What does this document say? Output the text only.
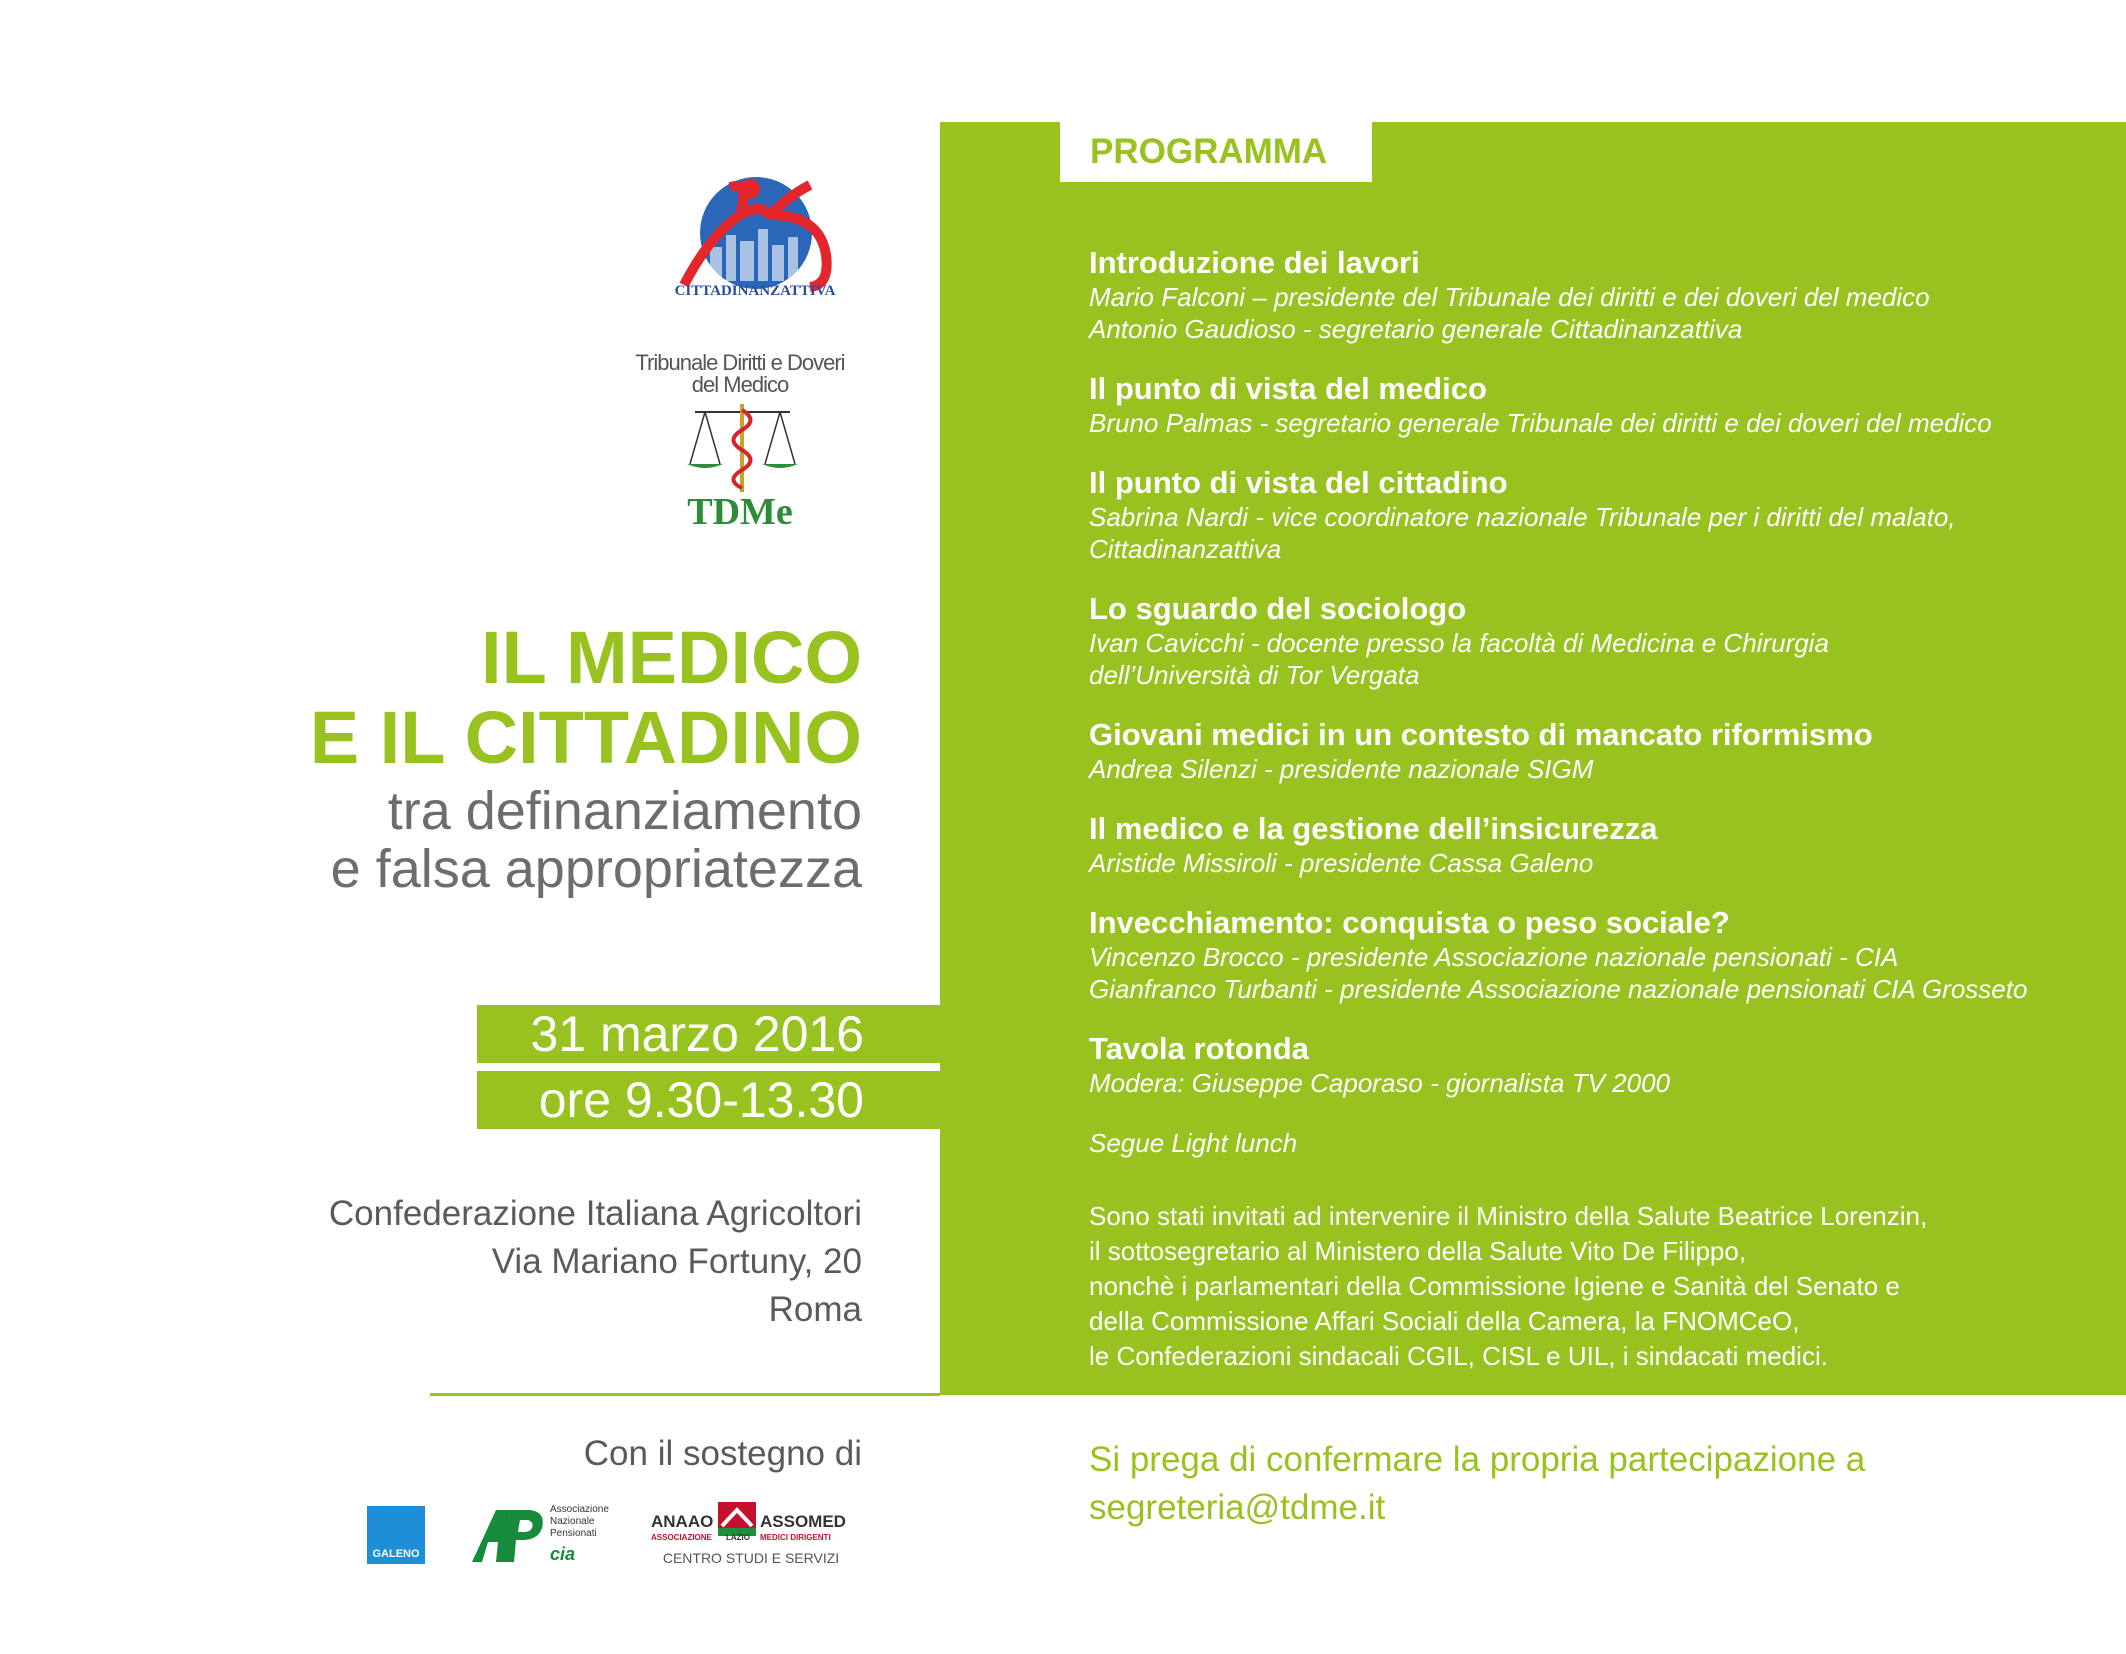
PROGRAMMA
CITTADINANZATTIVA
Tribunale Diritti e Doveri
del Medico
TDMe
IL MEDICO
E IL CITTADINO
tra definanziamento
e falsa appropriatezza
31 marzo 2016
ore 9.30-13.30
Confederazione Italiana Agricoltori
Via Mariano Fortuny, 20
Roma
Con il sostegno di
GALENO
Associazione
Nazionale
Pensionati
cia
ANAAO	ASSOMED
ASSOCIAZIONE LAZIO MEDICI DIRIGENTI
CENTRO STUDI E SERVIZI
Introduzione dei lavori

Mario Falconi – presidente del Tribunale dei diritti e dei doveri del medico

Antonio Gaudioso - segretario generale Cittadinanzattiva

Il punto di vista del medico

Bruno Palmas - segretario generale Tribunale dei diritti e dei doveri del medico

Il punto di vista del cittadino

Sabrina Nardi - vice coordinatore nazionale Tribunale per i diritti del malato,

Cittadinanzattiva

Lo sguardo del sociologo

Ivan Cavicchi - docente presso la facoltà di Medicina e Chirurgia

dell’Università di Tor Vergata

Giovani medici in un contesto di mancato riformismo

Andrea Silenzi - presidente nazionale SIGM

Il medico e la gestione dell’insicurezza

Aristide Missiroli - presidente Cassa Galeno

Invecchiamento: conquista o peso sociale?

Vincenzo Brocco - presidente Associazione nazionale pensionati - CIA

Gianfranco Turbanti - presidente Associazione nazionale pensionati CIA Grosseto

Tavola rotonda

Modera: Giuseppe Caporaso - giornalista TV 2000

Segue Light lunch
Sono stati invitati ad intervenire il Ministro della Salute Beatrice Lorenzin,
il sottosegretario al Ministero della Salute Vito De Filippo,
nonchè i parlamentari della Commissione Igiene e Sanità del Senato e
della Commissione Affari Sociali della Camera, la FNOMCeO,
le Confederazioni sindacali CGIL, CISL e UIL, i sindacati medici.
Si prega di confermare la propria partecipazione a
segreteria@tdme.it
